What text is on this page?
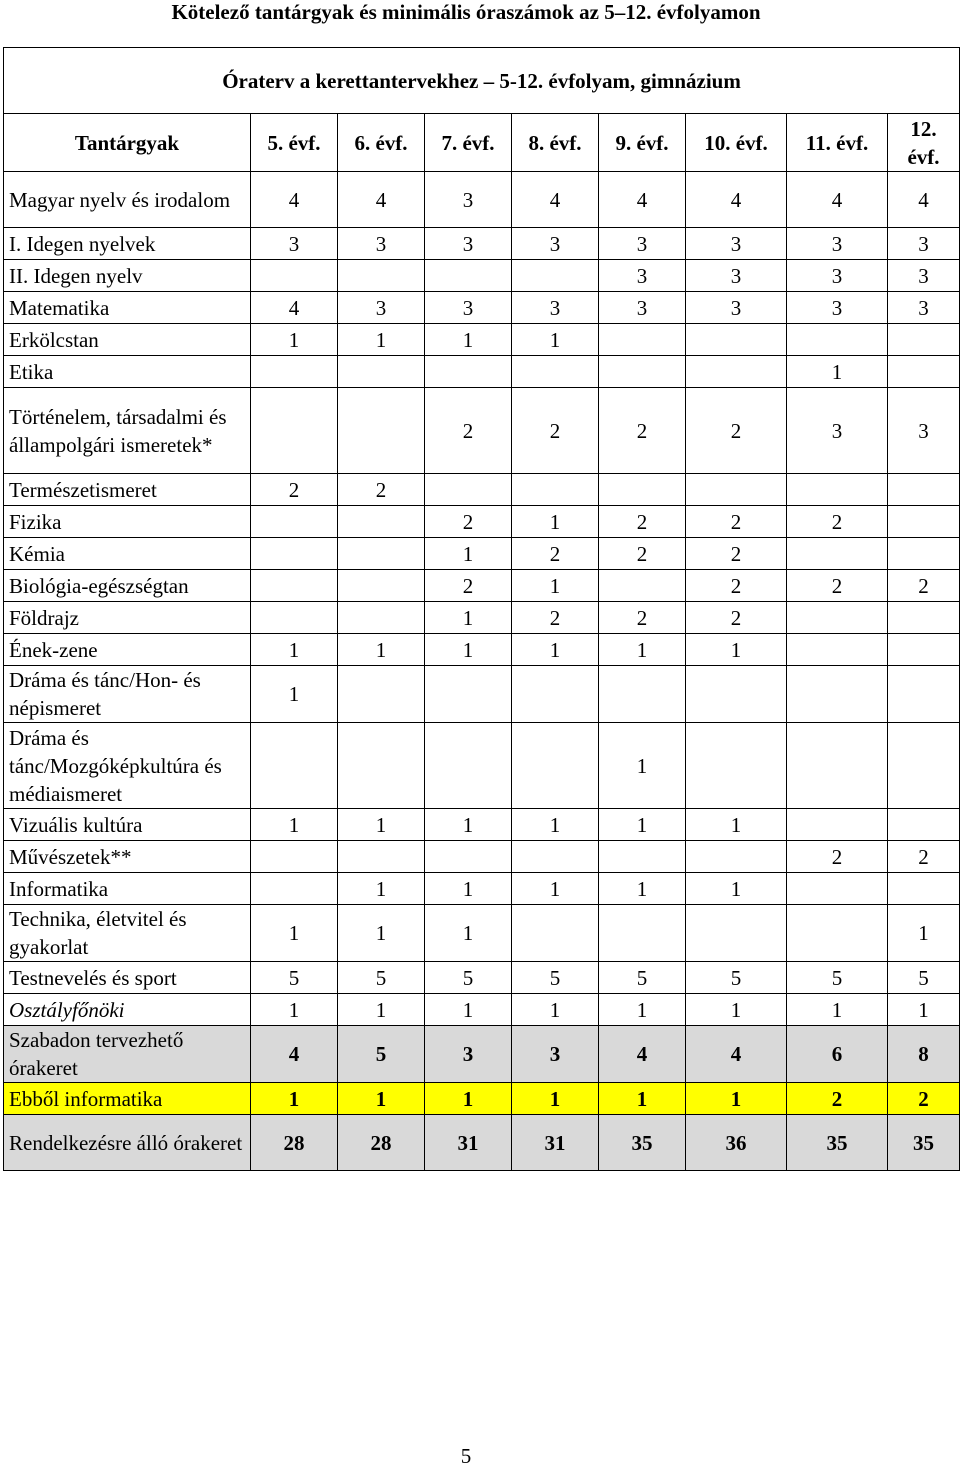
Kötelező tantárgyak és minimális óraszámok az 5–12. évfolyamon
Óraterv a kerettantervekhez – 5-12. évfolyam, gimnázium								
Tantárgyak	5. évf.	6. évf.	7. évf.	8. évf.	9. évf.	10. évf.	11. évf.	12. évf.
Magyar nyelv és irodalom	4	4	3	4	4	4	4	4
I. Idegen nyelvek	3	3	3	3	3	3	3	3
II. Idegen nyelv					3	3	3	3
Matematika	4	3	3	3	3	3	3	3
Erkölcstan	1	1	1	1				
Etika							1	
Történelem, társadalmi és állampolgári ismeretek*			2	2	2	2	3	3
Természetismeret	2	2						
Fizika			2	1	2	2	2	
Kémia			1	2	2	2		
Biológia-egészségtan			2	1		2	2	2
Földrajz			1	2	2	2		
Ének-zene	1	1	1	1	1	1		
Dráma és tánc/Hon- és népismeret	1							
Dráma és tánc/Mozgóképkultúra és médiaismeret					1			
Vizuális kultúra	1	1	1	1	1	1		
Művészetek**							2	2
Informatika		1	1	1	1	1		
Technika, életvitel és gyakorlat	1	1	1					1
Testnevelés és sport	5	5	5	5	5	5	5	5
Osztályfőnöki	1	1	1	1	1	1	1	1
Szabadon tervezhető órakeret	4	5	3	3	4	4	6	8
Ebből informatika	1	1	1	1	1	1	2	2
Rendelkezésre álló órakeret	28	28	31	31	35	36	35	35
5
